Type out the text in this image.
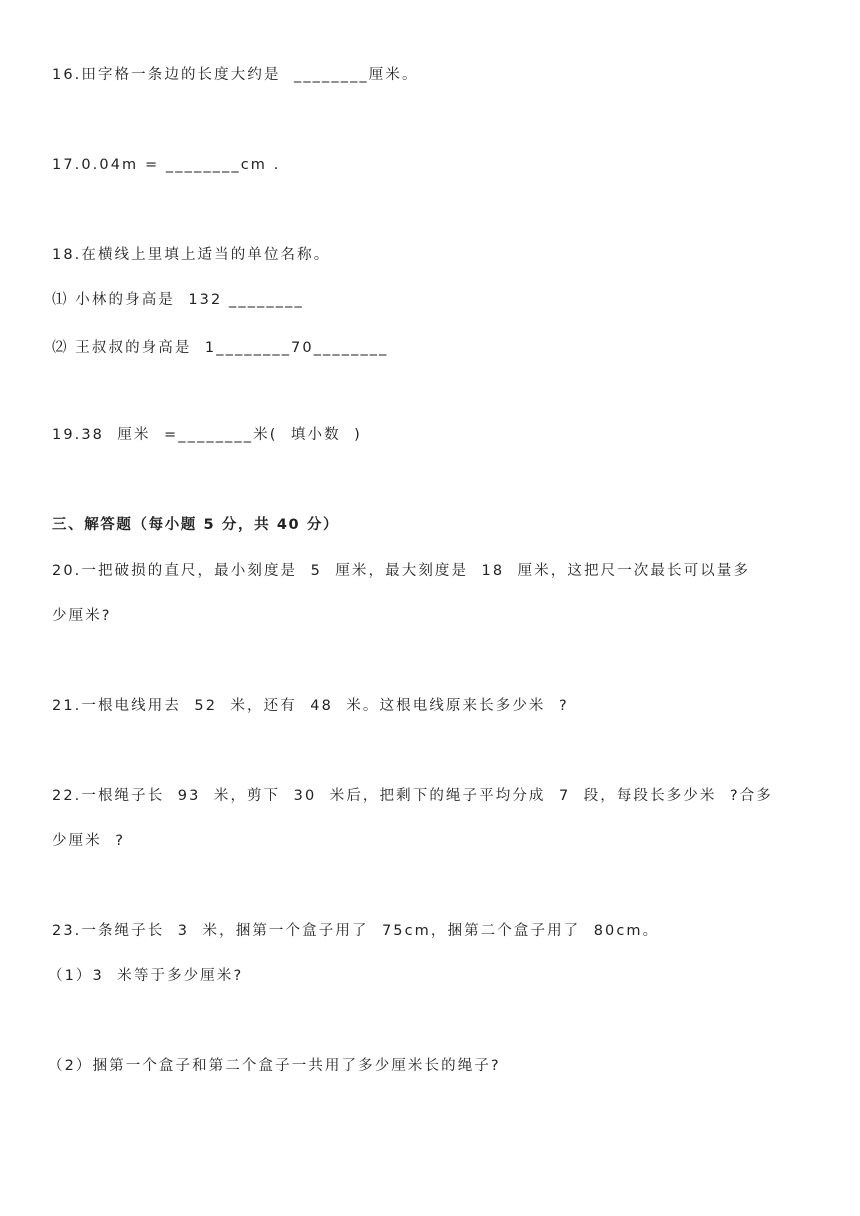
16.田字格一条边的长度大约是  ________厘米。
17.0.04m = ________cm .
18.在横线上里填上适当的单位名称。
⑴ 小林的身高是  132 ________
⑵ 王叔叔的身高是  1________70________
19.38  厘米  =________米(  填小数  )
三、解答题（每小题 5 分，共 40 分）
20.一把破损的直尺，最小刻度是  5  厘米，最大刻度是  18  厘米，这把尺一次最长可以量多
少厘米?
21.一根电线用去  52  米，还有  48  米。这根电线原来长多少米  ?
22.一根绳子长  93  米，剪下  30  米后，把剩下的绳子平均分成  7  段，每段长多少米  ?合多
少厘米  ?
23.一条绳子长  3  米，捆第一个盒子用了  75cm，捆第二个盒子用了  80cm。
（1）3  米等于多少厘米?
（2）捆第一个盒子和第二个盒子一共用了多少厘米长的绳子?
